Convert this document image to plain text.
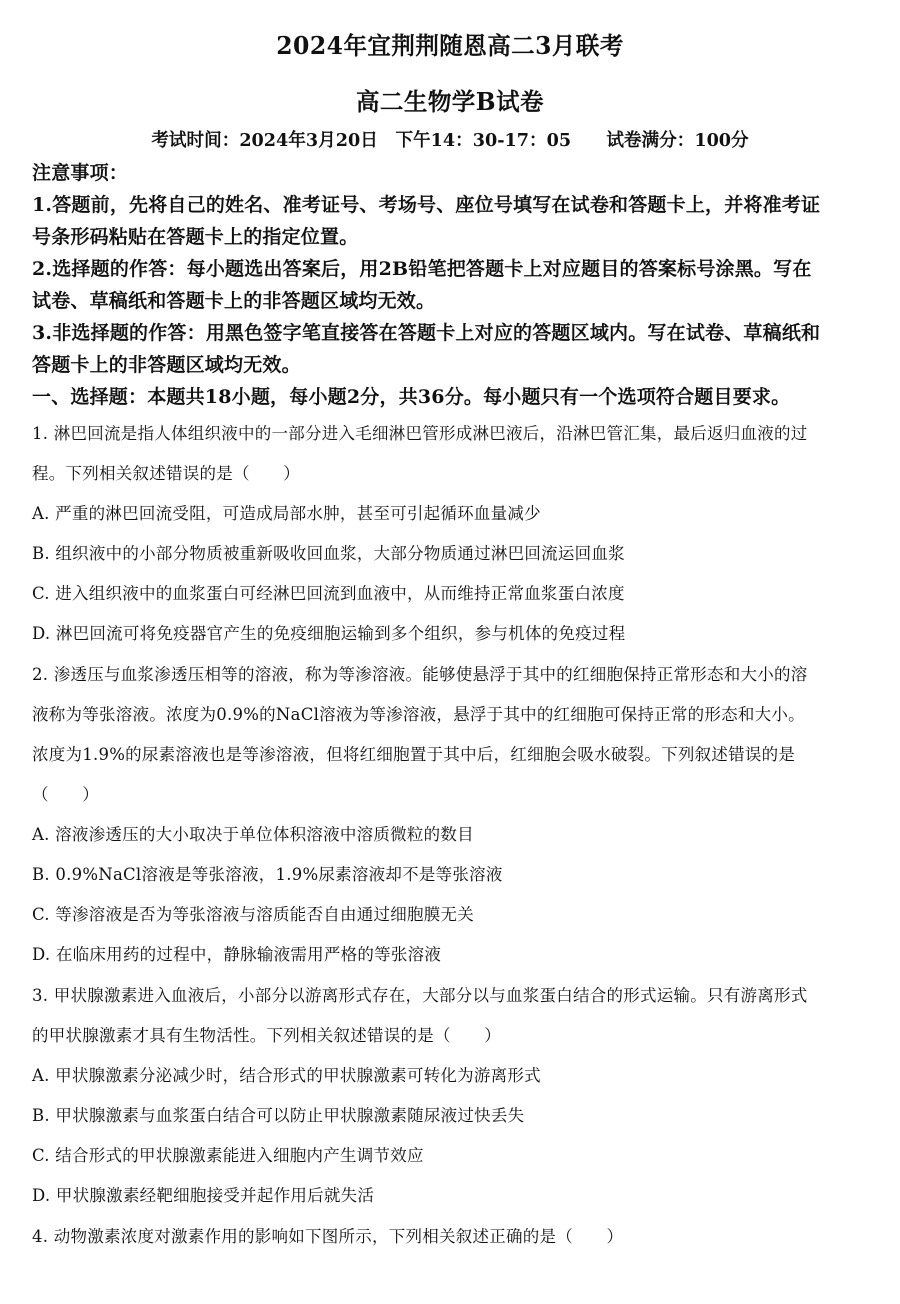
2024年宜荆荆随恩高二3月联考
高二生物学B试卷
考试时间：2024年3月20日　下午14：30-17：05　　试卷满分：100分
注意事项：
1.答题前，先将自己的姓名、准考证号、考场号、座位号填写在试卷和答题卡上，并将准考证
号条形码粘贴在答题卡上的指定位置。
2.选择题的作答：每小题选出答案后，用2B铅笔把答题卡上对应题目的答案标号涂黑。写在
试卷、草稿纸和答题卡上的非答题区域均无效。
3.非选择题的作答：用黑色签字笔直接答在答题卡上对应的答题区域内。写在试卷、草稿纸和
答题卡上的非答题区域均无效。
一、选择题：本题共18小题，每小题2分，共36分。每小题只有一个选项符合题目要求。
1. 淋巴回流是指人体组织液中的一部分进入毛细淋巴管形成淋巴液后，沿淋巴管汇集，最后返归血液的过
程。下列相关叙述错误的是（　　）
A. 严重的淋巴回流受阻，可造成局部水肿，甚至可引起循环血量减少
B. 组织液中的小部分物质被重新吸收回血浆，大部分物质通过淋巴回流运回血浆
C. 进入组织液中的血浆蛋白可经淋巴回流到血液中，从而维持正常血浆蛋白浓度
D. 淋巴回流可将免疫器官产生的免疫细胞运输到多个组织，参与机体的免疫过程
2. 渗透压与血浆渗透压相等的溶液，称为等渗溶液。能够使悬浮于其中的红细胞保持正常形态和大小的溶
液称为等张溶液。浓度为0.9%的NaCl溶液为等渗溶液，悬浮于其中的红细胞可保持正常的形态和大小。
浓度为1.9%的尿素溶液也是等渗溶液，但将红细胞置于其中后，红细胞会吸水破裂。下列叙述错误的是
（　　）
A. 溶液渗透压的大小取决于单位体积溶液中溶质微粒的数目
B. 0.9%NaCl溶液是等张溶液，1.9%尿素溶液却不是等张溶液
C. 等渗溶液是否为等张溶液与溶质能否自由通过细胞膜无关
D. 在临床用药的过程中，静脉输液需用严格的等张溶液
3. 甲状腺激素进入血液后，小部分以游离形式存在，大部分以与血浆蛋白结合的形式运输。只有游离形式
的甲状腺激素才具有生物活性。下列相关叙述错误的是（　　）
A. 甲状腺激素分泌减少时，结合形式的甲状腺激素可转化为游离形式
B. 甲状腺激素与血浆蛋白结合可以防止甲状腺激素随尿液过快丢失
C. 结合形式的甲状腺激素能进入细胞内产生调节效应
D. 甲状腺激素经靶细胞接受并起作用后就失活
4. 动物激素浓度对激素作用的影响如下图所示，下列相关叙述正确的是（　　）
